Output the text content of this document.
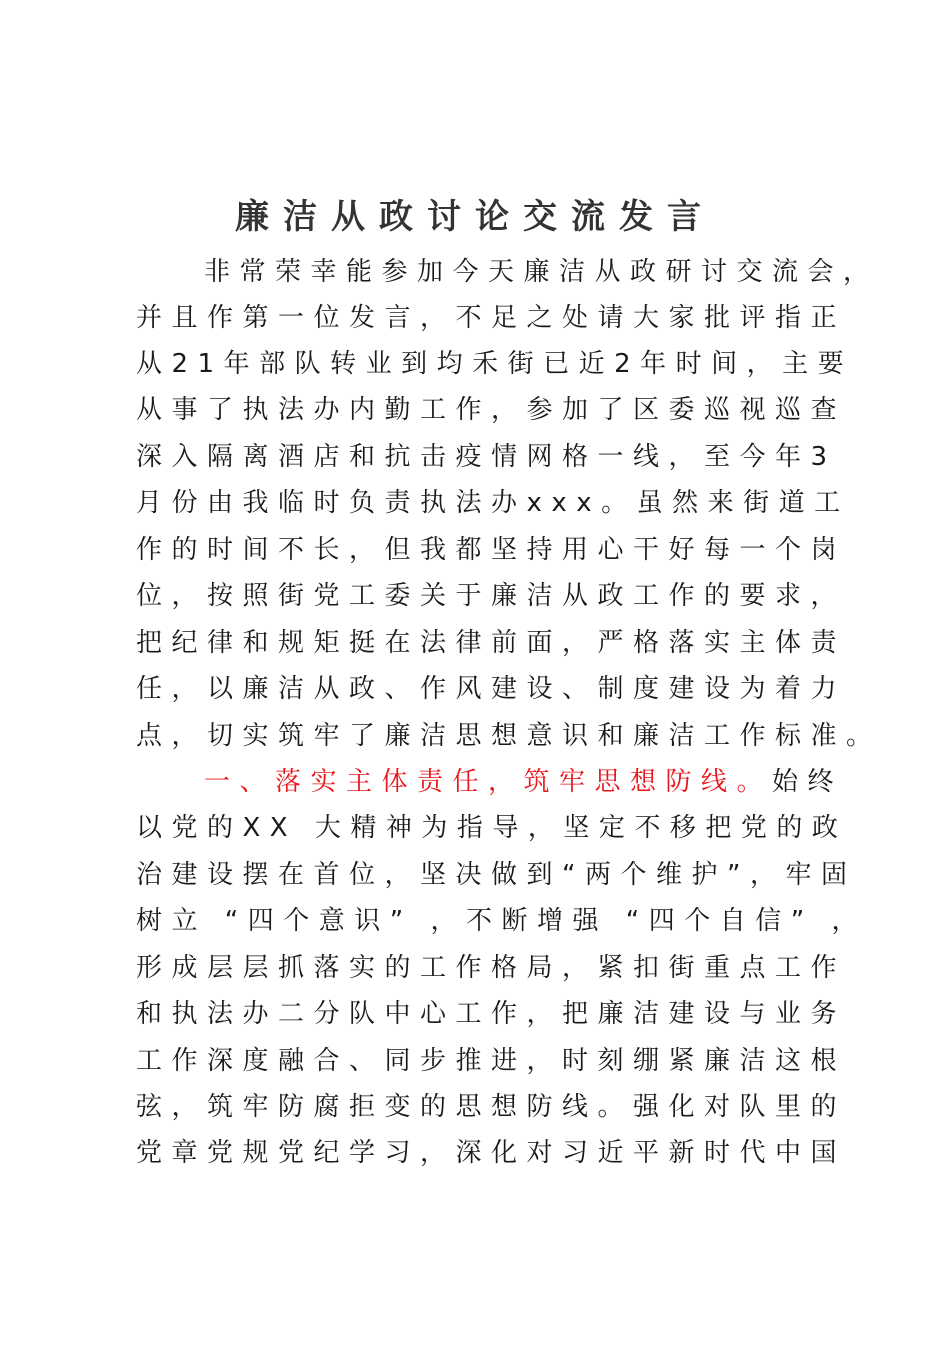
廉洁从政讨论交流发言
非常荣幸能参加今天廉洁从政研讨交流会，
并且作第一位发言，不足之处请大家批评指正
从21年部队转业到均禾街已近2年时间，主要
从事了执法办内勤工作，参加了区委巡视巡查
深入隔离酒店和抗击疫情网格一线，至今年3
月份由我临时负责执法办xxx。虽然来街道工
作的时间不长，但我都坚持用心干好每一个岗
位，按照街党工委关于廉洁从政工作的要求，
把纪律和规矩挺在法律前面，严格落实主体责
任，以廉洁从政、作风建设、制度建设为着力
点，切实筑牢了廉洁思想意识和廉洁工作标准。
一、落实主体责任，筑牢思想防线。始终
以党的XX 大精神为指导，坚定不移把党的政
治建设摆在首位，坚决做到“两个维护”，牢固
树立 “四个意识” ，不断增强 “四个自信” ，
形成层层抓落实的工作格局，紧扣街重点工作
和执法办二分队中心工作，把廉洁建设与业务
工作深度融合、同步推进，时刻绷紧廉洁这根
弦，筑牢防腐拒变的思想防线。强化对队里的
党章党规党纪学习，深化对习近平新时代中国
